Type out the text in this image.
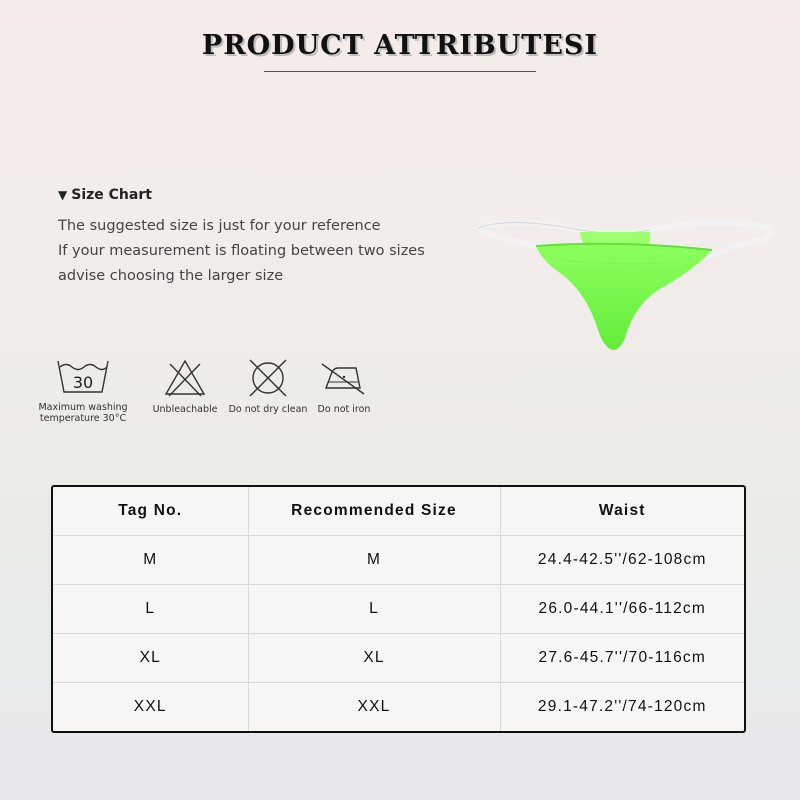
PRODUCT ATTRIBUTESI
▼ Size Chart
The suggested size is just for your reference
If your measurement is floating between two sizes
advise choosing the larger size
30
Maximum washing
temperature 30°C
Unbleachable Do not dry clean Do not iron
Tag No.	Recommended Size	Waist
M	M	24.4-42.5''/62-108cm
L	L	26.0-44.1''/66-112cm
XL	XL	27.6-45.7''/70-116cm
XXL	XXL	29.1-47.2''/74-120cm
